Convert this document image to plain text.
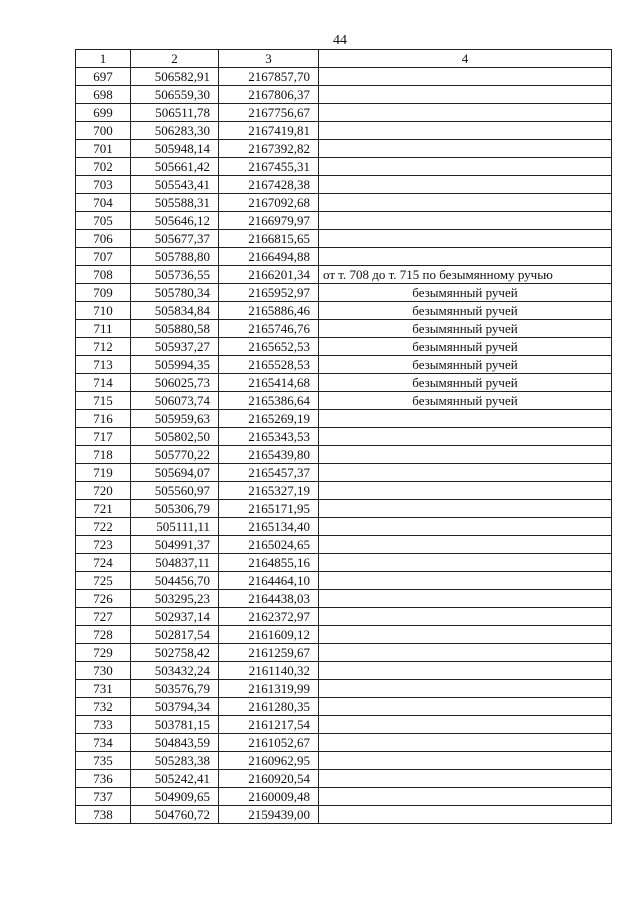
44
1	2	3	4
697	506582,91	2167857,70	
698	506559,30	2167806,37	
699	506511,78	2167756,67	
700	506283,30	2167419,81	
701	505948,14	2167392,82	
702	505661,42	2167455,31	
703	505543,41	2167428,38	
704	505588,31	2167092,68	
705	505646,12	2166979,97	
706	505677,37	2166815,65	
707	505788,80	2166494,88	
708	505736,55	2166201,34	от т. 708 до т. 715 по безымянному ручью
709	505780,34	2165952,97	безымянный ручей
710	505834,84	2165886,46	безымянный ручей
711	505880,58	2165746,76	безымянный ручей
712	505937,27	2165652,53	безымянный ручей
713	505994,35	2165528,53	безымянный ручей
714	506025,73	2165414,68	безымянный ручей
715	506073,74	2165386,64	безымянный ручей
716	505959,63	2165269,19	
717	505802,50	2165343,53	
718	505770,22	2165439,80	
719	505694,07	2165457,37	
720	505560,97	2165327,19	
721	505306,79	2165171,95	
722	505111,11	2165134,40	
723	504991,37	2165024,65	
724	504837,11	2164855,16	
725	504456,70	2164464,10	
726	503295,23	2164438,03	
727	502937,14	2162372,97	
728	502817,54	2161609,12	
729	502758,42	2161259,67	
730	503432,24	2161140,32	
731	503576,79	2161319,99	
732	503794,34	2161280,35	
733	503781,15	2161217,54	
734	504843,59	2161052,67	
735	505283,38	2160962,95	
736	505242,41	2160920,54	
737	504909,65	2160009,48	
738	504760,72	2159439,00	
